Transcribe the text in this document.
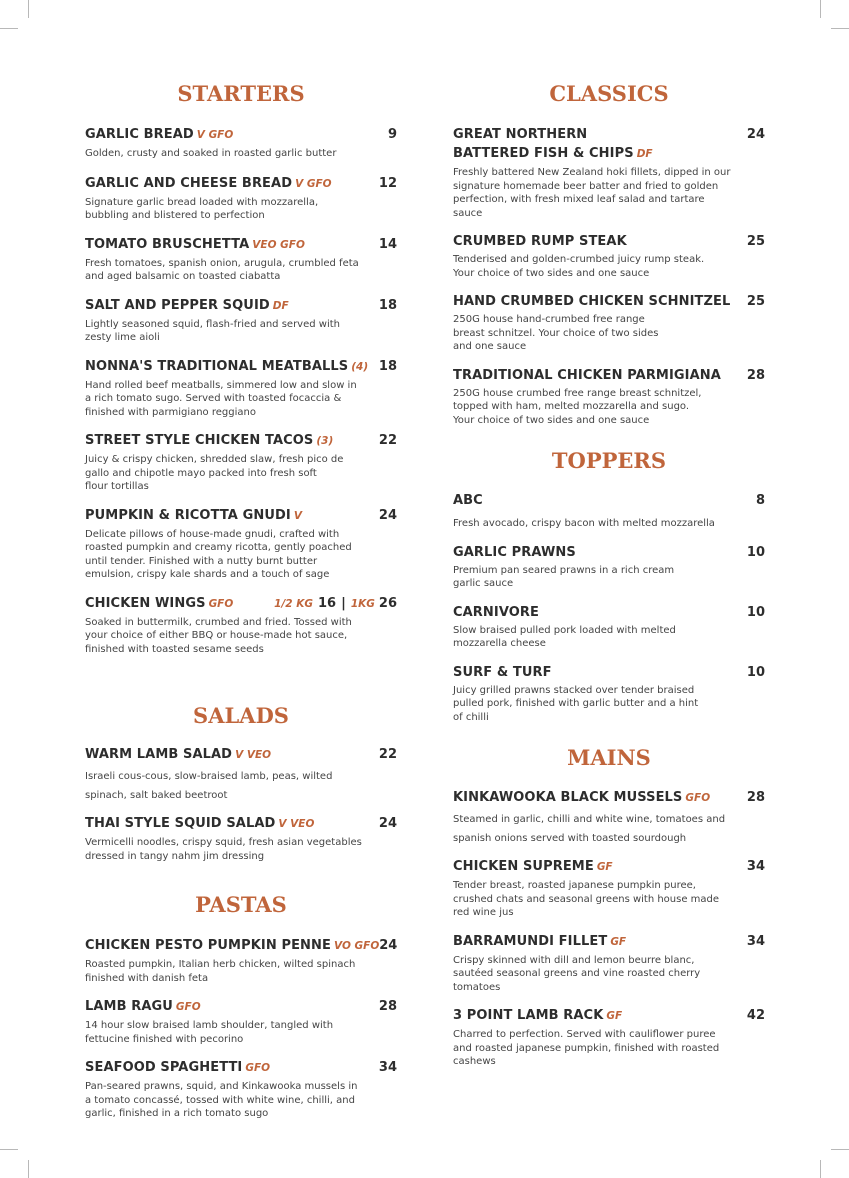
STARTERS
GARLIC BREAD V GFO	9
Golden, crusty and soaked in roasted garlic butter
GARLIC AND CHEESE BREAD V GFO	12
Signature garlic bread loaded with mozzarella,
bubbling and blistered to perfection
TOMATO BRUSCHETTA VEO GFO	14
Fresh tomatoes, spanish onion, arugula, crumbled feta
and aged balsamic on toasted ciabatta
SALT AND PEPPER SQUID DF	18
Lightly seasoned squid, flash-fried and served with
zesty lime aioli
NONNA'S TRADITIONAL MEATBALLS (4) 18
Hand rolled beef meatballs, simmered low and slow in
a rich tomato sugo. Served with toasted focaccia &
finished with parmigiano reggiano
STREET STYLE CHICKEN TACOS (3)	22
Juicy & crispy chicken, shredded slaw, fresh pico de
gallo and chipotle mayo packed into fresh soft
flour tortillas
PUMPKIN & RICOTTA GNUDI V	24
Delicate pillows of house-made gnudi, crafted with
roasted pumpkin and creamy ricotta, gently poached
until tender. Finished with a nutty burnt butter
emulsion, crispy kale shards and a touch of sage
CHICKEN WINGS GFO	1/2 KG 16 | 1KG 26
Soaked in buttermilk, crumbed and fried. Tossed with
your choice of either BBQ or house-made hot sauce,
finished with toasted sesame seeds
SALADS
WARM LAMB SALAD V VEO	22
Israeli cous-cous, slow-braised lamb, peas, wilted
spinach, salt baked beetroot
THAI STYLE SQUID SALAD V VEO	24
Vermicelli noodles, crispy squid, fresh asian vegetables
dressed in tangy nahm jim dressing
PASTAS
CHICKEN PESTO PUMPKIN PENNE VO GFO 24
Roasted pumpkin, Italian herb chicken, wilted spinach
finished with danish feta
LAMB RAGU GFO	28
14 hour slow braised lamb shoulder, tangled with
fettucine finished with pecorino
SEAFOOD SPAGHETTI GFO	34
Pan-seared prawns, squid, and Kinkawooka mussels in
a tomato concassé, tossed with white wine, chilli, and
garlic, finished in a rich tomato sugo
CLASSICS
GREAT NORTHERN	24
BATTERED FISH & CHIPS DF
Freshly battered New Zealand hoki fillets, dipped in our
signature homemade beer batter and fried to golden
perfection, with fresh mixed leaf salad and tartare
sauce
CRUMBED RUMP STEAK	25
Tenderised and golden-crumbed juicy rump steak.
Your choice of two sides and one sauce
HAND CRUMBED CHICKEN SCHNITZEL 25
250G house hand-crumbed free range
breast schnitzel. Your choice of two sides
and one sauce
TRADITIONAL CHICKEN PARMIGIANA 28
250G house crumbed free range breast schnitzel,
topped with ham, melted mozzarella and sugo.
Your choice of two sides and one sauce
TOPPERS
ABC	8
Fresh avocado, crispy bacon with melted mozzarella
GARLIC PRAWNS	10
Premium pan seared prawns in a rich cream
garlic sauce
CARNIVORE	10
Slow braised pulled pork loaded with melted
mozzarella cheese
SURF & TURF	10
Juicy grilled prawns stacked over tender braised
pulled pork, finished with garlic butter and a hint
of chilli
MAINS
KINKAWOOKA BLACK MUSSELS GFO	28
Steamed in garlic, chilli and white wine, tomatoes and
spanish onions served with toasted sourdough
CHICKEN SUPREME GF	34
Tender breast, roasted japanese pumpkin puree,
crushed chats and seasonal greens with house made
red wine jus
BARRAMUNDI FILLET GF	34
Crispy skinned with dill and lemon beurre blanc,
sautéed seasonal greens and vine roasted cherry
tomatoes
3 POINT LAMB RACK GF	42
Charred to perfection. Served with cauliflower puree
and roasted japanese pumpkin, finished with roasted
cashews
